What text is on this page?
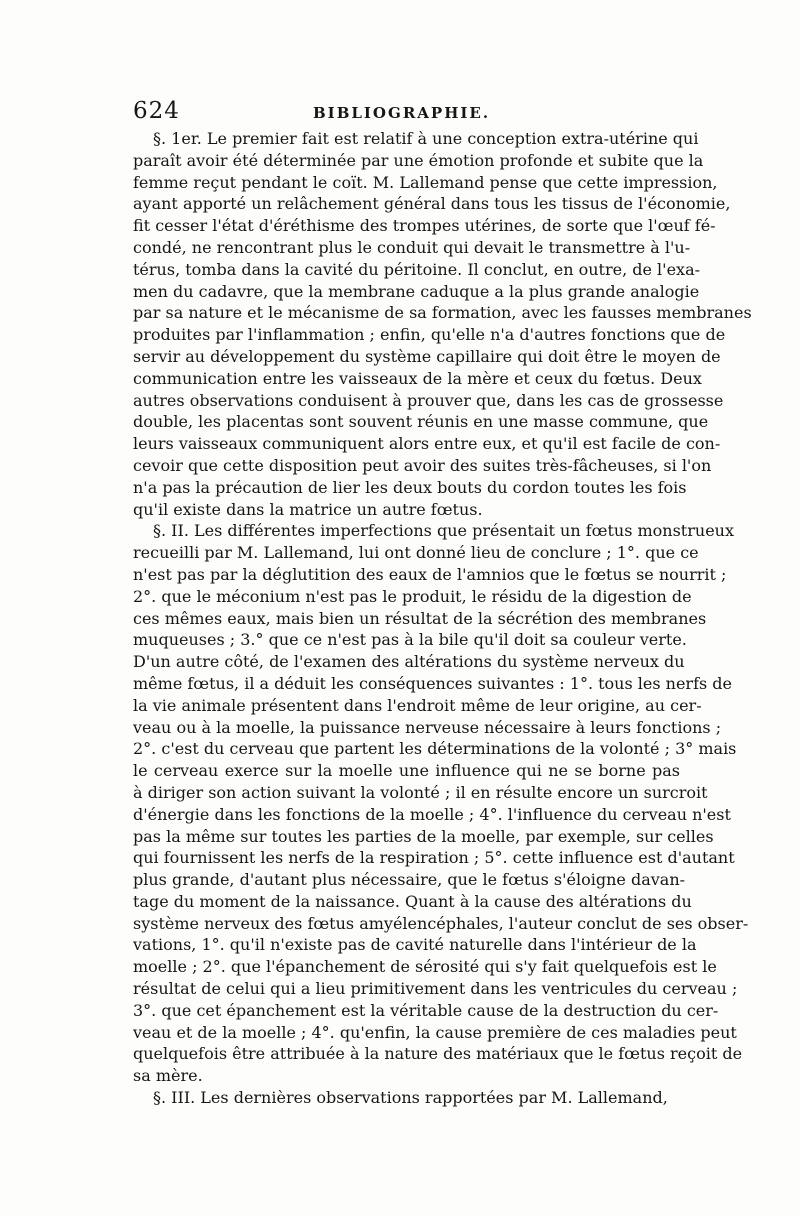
624	BIBLIOGRAPHIE.
§. 1er. Le premier fait est relatif à une conception extra-utérine qui
paraît avoir été déterminée par une émotion profonde et subite que la
femme reçut pendant le coït. M. Lallemand pense que cette impression,
ayant apporté un relâchement général dans tous les tissus de l'économie,
fit cesser l'état d'éréthisme des trompes utérines, de sorte que l'œuf fé-
condé, ne rencontrant plus le conduit qui devait le transmettre à l'u-
térus, tomba dans la cavité du péritoine. Il conclut, en outre, de l'exa-
men du cadavre, que la membrane caduque a la plus grande analogie
par sa nature et le mécanisme de sa formation, avec les fausses membranes
produites par l'inflammation ; enfin, qu'elle n'a d'autres fonctions que de
servir au développement du système capillaire qui doit être le moyen de
communication entre les vaisseaux de la mère et ceux du fœtus. Deux
autres observations conduisent à prouver que, dans les cas de grossesse
double, les placentas sont souvent réunis en une masse commune, que
leurs vaisseaux communiquent alors entre eux, et qu'il est facile de con-
cevoir que cette disposition peut avoir des suites très-fâcheuses, si l'on
n'a pas la précaution de lier les deux bouts du cordon toutes les fois
qu'il existe dans la matrice un autre fœtus.
§. II. Les différentes imperfections que présentait un fœtus monstrueux
recueilli par M. Lallemand, lui ont donné lieu de conclure ; 1°. que ce
n'est pas par la déglutition des eaux de l'amnios que le fœtus se nourrit ;
2°. que le méconium n'est pas le produit, le résidu de la digestion de
ces mêmes eaux, mais bien un résultat de la sécrétion des membranes
muqueuses ; 3.° que ce n'est pas à la bile qu'il doit sa couleur verte.
D'un autre côté, de l'examen des altérations du système nerveux du
même fœtus, il a déduit les conséquences suivantes : 1°. tous les nerfs de
la vie animale présentent dans l'endroit même de leur origine, au cer-
veau ou à la moelle, la puissance nerveuse nécessaire à leurs fonctions ;
2°. c'est du cerveau que partent les déterminations de la volonté ; 3° mais
le cerveau exerce sur la moelle une influence qui ne se borne pas
à diriger son action suivant la volonté ; il en résulte encore un surcroit
d'énergie dans les fonctions de la moelle ; 4°. l'influence du cerveau n'est
pas la même sur toutes les parties de la moelle, par exemple, sur celles
qui fournissent les nerfs de la respiration ; 5°. cette influence est d'autant
plus grande, d'autant plus nécessaire, que le fœtus s'éloigne davan-
tage du moment de la naissance. Quant à la cause des altérations du
système nerveux des fœtus amyélencéphales, l'auteur conclut de ses obser-
vations, 1°. qu'il n'existe pas de cavité naturelle dans l'intérieur de la
moelle ; 2°. que l'épanchement de sérosité qui s'y fait quelquefois est le
résultat de celui qui a lieu primitivement dans les ventricules du cerveau ;
3°. que cet épanchement est la véritable cause de la destruction du cer-
veau et de la moelle ; 4°. qu'enfin, la cause première de ces maladies peut
quelquefois être attribuée à la nature des matériaux que le fœtus reçoit de
sa mère.
§. III. Les dernières observations rapportées par M. Lallemand,
